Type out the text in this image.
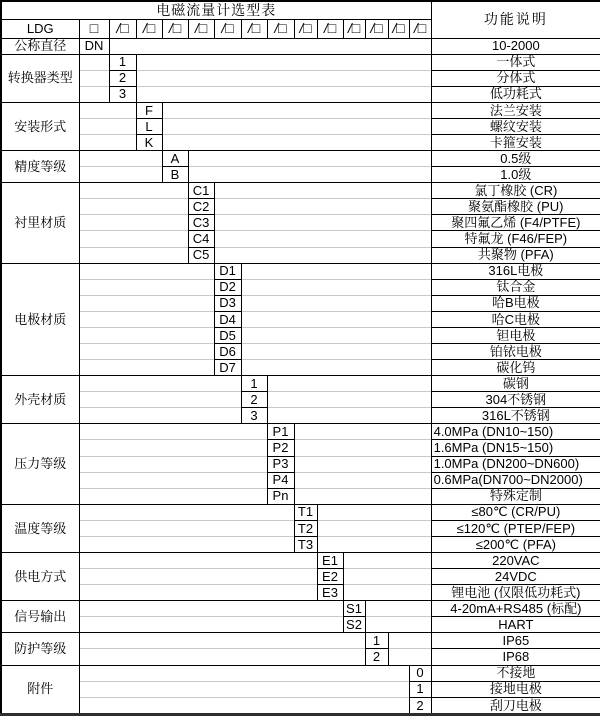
电磁流量计选型表															功能说明
LDG	□	/□	/□	/□	/□	/□	/□	/□	/□	/□	/□	/□	/□	/□	
公称直径	DN														10-2000
转换器类型		1													一体式
		2													分体式
		3													低功耗式
安装形式			F												法兰安装
			L												螺纹安装
			K												卡箍安装
精度等级				A											0.5级
				B											1.0级
衬里材质					C1										氯丁橡胶 (CR)
					C2										聚氨酯橡胶 (PU)
					C3										聚四氟乙烯 (F4/PTFE)
					C4										特氟龙 (F46/FEP)
					C5										共聚物 (PFA)
电极材质						D1									316L电极
						D2									钛合金
						D3									哈B电极
						D4									哈C电极
						D5									钽电极
						D6									铂铱电极
						D7									碳化钨
外壳材质							1								碳钢
							2								304不锈钢
							3								316L不锈钢
压力等级								P1							4.0MPa (DN10~150)
								P2							1.6MPa (DN15~150)
								P3							1.0MPa (DN200~DN600)
								P4							0.6MPa(DN700~DN2000)
								Pn							特殊定制
温度等级									T1						≤80℃ (CR/PU)
									T2						≤120℃ (PTEP/FEP)
									T3						≤200℃ (PFA)
供电方式										E1					220VAC
										E2					24VDC
										E3					锂电池 (仅限低功耗式)
信号输出											S1				4-20mA+RS485 (标配)
											S2				HART
防护等级												1			IP65
												2			IP68
附件														0	不接地
														1	接地电极
														2	刮刀电极
